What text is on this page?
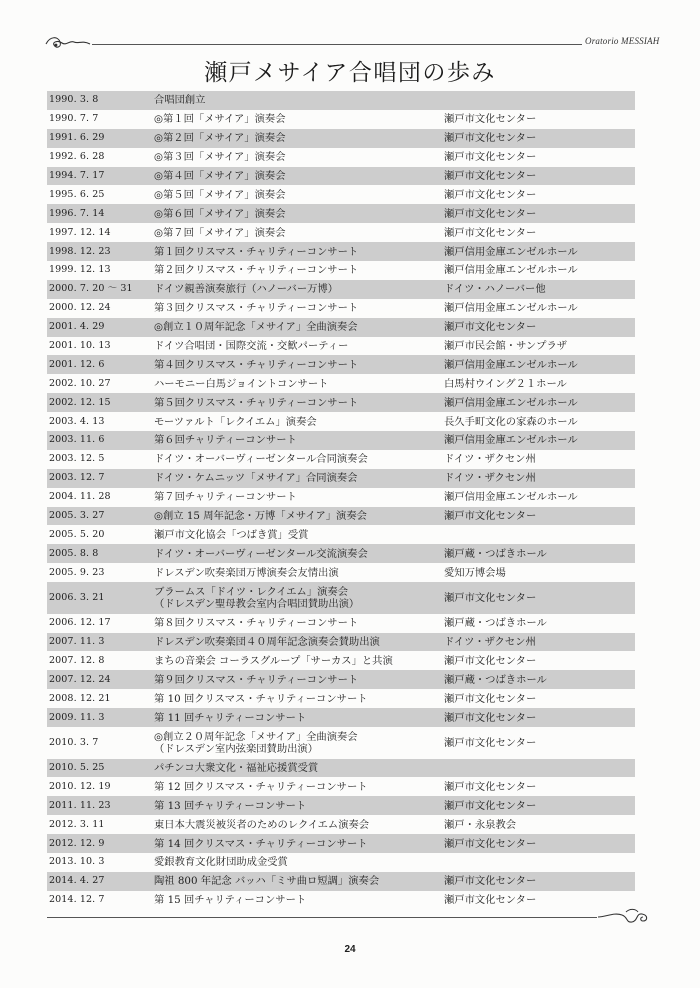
Oratorio MESSIAH
瀬戸メサイア合唱団の歩み
1990. 3. 8	合唱団創立
1990. 7. 7	◎第１回「メサイア」演奏会	瀬戸市文化センター
1991. 6. 29	◎第２回「メサイア」演奏会	瀬戸市文化センター
1992. 6. 28	◎第３回「メサイア」演奏会	瀬戸市文化センター
1994. 7. 17	◎第４回「メサイア」演奏会	瀬戸市文化センター
1995. 6. 25	◎第５回「メサイア」演奏会	瀬戸市文化センター
1996. 7. 14	◎第６回「メサイア」演奏会	瀬戸市文化センター
1997. 12. 14	◎第７回「メサイア」演奏会	瀬戸市文化センター
1998. 12. 23	第１回クリスマス・チャリティーコンサート	瀬戸信用金庫エンゼルホール
1999. 12. 13	第２回クリスマス・チャリティーコンサート	瀬戸信用金庫エンゼルホール
2000. 7. 20 ～ 31	ドイツ親善演奏旅行（ハノーバー万博）	ドイツ・ハノーバー他
2000. 12. 24	第３回クリスマス・チャリティーコンサート	瀬戸信用金庫エンゼルホール
2001. 4. 29	◎創立１０周年記念「メサイア」全曲演奏会	瀬戸市文化センター
2001. 10. 13	ドイツ合唱団・国際交流・交歓パーティー	瀬戸市民会館・サンプラザ
2001. 12. 6	第４回クリスマス・チャリティーコンサート	瀬戸信用金庫エンゼルホール
2002. 10. 27	ハーモニー白馬ジョイントコンサート	白馬村ウイング２１ホール
2002. 12. 15	第５回クリスマス・チャリティーコンサート	瀬戸信用金庫エンゼルホール
2003. 4. 13	モーツァルト「レクイエム」演奏会	長久手町文化の家森のホール
2003. 11. 6	第６回チャリティーコンサート	瀬戸信用金庫エンゼルホール
2003. 12. 5	ドイツ・オーバーヴィーゼンタール合同演奏会	ドイツ・ザクセン州
2003. 12. 7	ドイツ・ケムニッツ「メサイア」合同演奏会	ドイツ・ザクセン州
2004. 11. 28	第７回チャリティーコンサート	瀬戸信用金庫エンゼルホール
2005. 3. 27	◎創立 15 周年記念・万博「メサイア」演奏会	瀬戸市文化センター
2005. 5. 20	瀬戸市文化協会「つばき賞」受賞
2005. 8. 8	ドイツ・オーバーヴィーゼンタール交流演奏会	瀬戸蔵・つばきホール
2005. 9. 23	ドレスデン吹奏楽団万博演奏会友情出演	愛知万博会場
2006. 3. 21	ブラームス「ドイツ・レクイエム」演奏会
（ドレスデン聖母教会室内合唱団賛助出演）	瀬戸市文化センター
2006. 12. 17	第８回クリスマス・チャリティーコンサート	瀬戸蔵・つばきホール
2007. 11. 3	ドレスデン吹奏楽団４０周年記念演奏会賛助出演	ドイツ・ザクセン州
2007. 12. 8	まちの音楽会 コーラスグループ「サーカス」と共演	瀬戸市文化センター
2007. 12. 24	第９回クリスマス・チャリティーコンサート	瀬戸蔵・つばきホール
2008. 12. 21	第 10 回クリスマス・チャリティーコンサート	瀬戸市文化センター
2009. 11. 3	第 11 回チャリティーコンサート	瀬戸市文化センター
2010. 3. 7	◎創立２０周年記念「メサイア」全曲演奏会
（ドレスデン室内弦楽団賛助出演）	瀬戸市文化センター
2010. 5. 25	パチンコ大衆文化・福祉応援賞受賞
2010. 12. 19	第 12 回クリスマス・チャリティーコンサート	瀬戸市文化センター
2011. 11. 23	第 13 回チャリティーコンサート	瀬戸市文化センター
2012. 3. 11	東日本大震災被災者のためのレクイエム演奏会	瀬戸・永泉教会
2012. 12. 9	第 14 回クリスマス・チャリティーコンサート	瀬戸市文化センター
2013. 10. 3	愛銀教育文化財団助成金受賞
2014. 4. 27	陶祖 800 年記念 バッハ「ミサ曲ロ短調」演奏会	瀬戸市文化センター
2014. 12. 7	第 15 回チャリティーコンサート	瀬戸市文化センター
24
